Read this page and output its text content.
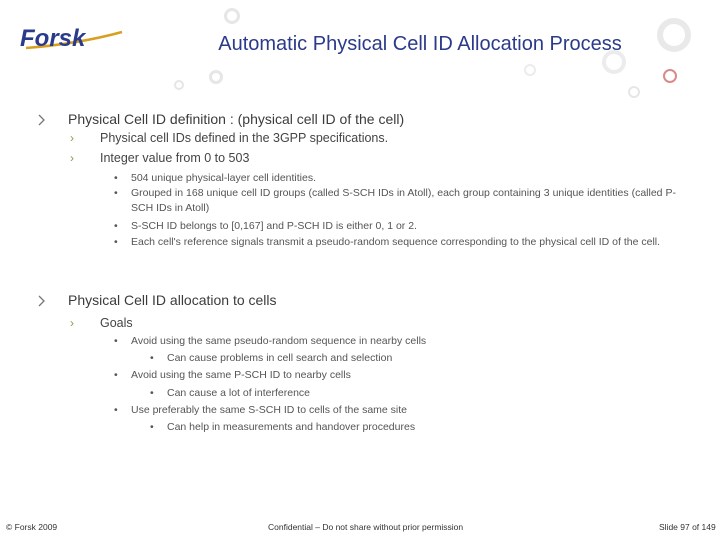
Forsk	Automatic Physical Cell ID Allocation Process
Physical Cell ID definition : (physical cell ID of the cell)
› Physical cell IDs defined in the 3GPP specifications.
› Integer value from 0 to 503
• 504 unique physical-layer cell identities.
• Grouped in 168 unique cell ID groups (called S-SCH IDs in Atoll), each group containing 3 unique identities (called P-SCH IDs in Atoll)
• S-SCH ID belongs to [0,167] and P-SCH ID is either 0, 1 or 2.
• Each cell's reference signals transmit a pseudo-random sequence corresponding to the physical cell ID of the cell.
Physical Cell ID allocation to cells
› Goals
• Avoid using the same pseudo-random sequence in nearby cells
• Can cause problems in cell search and selection
• Avoid using the same P-SCH ID to nearby cells
• Can cause a lot of interference
• Use preferably the same S-SCH ID to cells of the same site
• Can help in measurements and handover procedures
© Forsk 2009	Confidential – Do not share without prior permission	Slide 97 of 149
